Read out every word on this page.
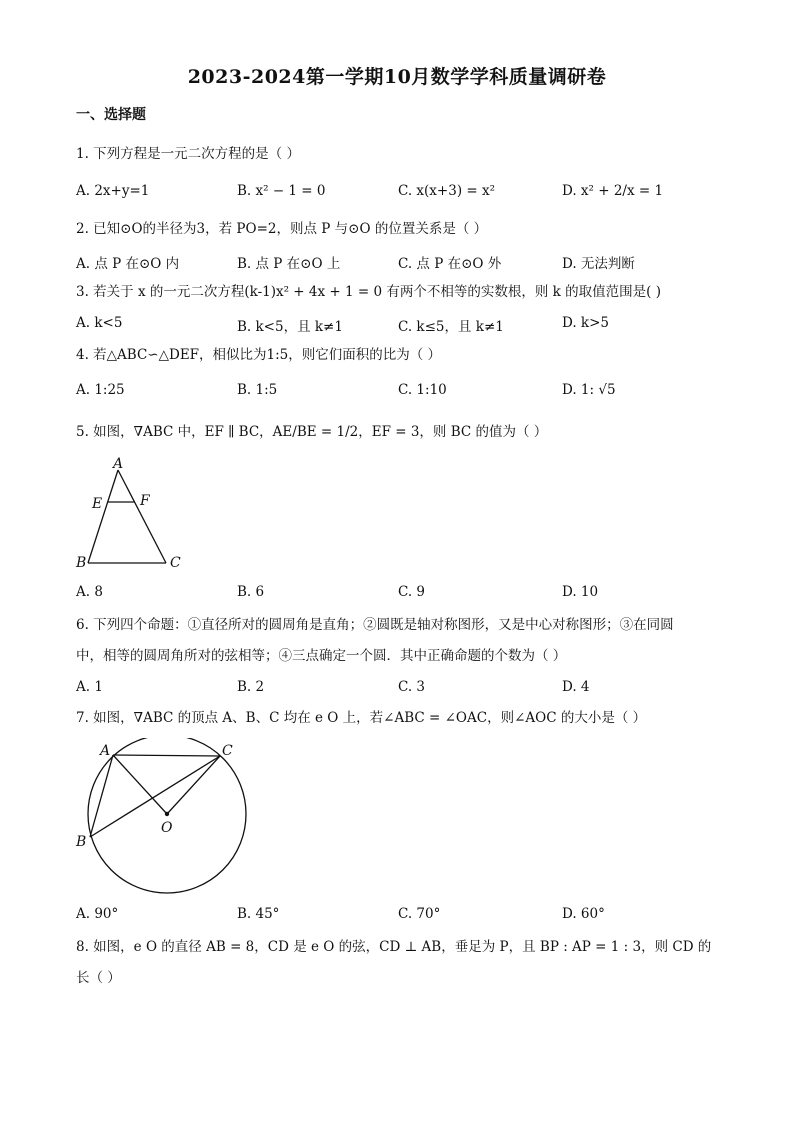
2023-2024第一学期10月数学学科质量调研卷
一、选择题
1. 下列方程是一元二次方程的是（ ）
A. 2x+y=1	B. x² − 1 = 0	C. x(x+3) = x²	D. x² + 2/x = 1
2. 已知⊙O的半径为3，若 PO=2，则点 P 与⊙O 的位置关系是（ ）
A. 点 P 在⊙O 内	B. 点 P 在⊙O 上	C. 点 P 在⊙O 外	D. 无法判断
3. 若关于 x 的一元二次方程(k-1)x² + 4x + 1 = 0 有两个不相等的实数根，则 k 的取值范围是( )
A. k<5	B. k<5，且 k≠1	C. k≤5，且 k≠1	D. k>5
4. 若△ABC∽△DEF，相似比为1:5，则它们面积的比为（ ）
A. 1:25	B. 1:5	C. 1:10	D. 1: √5
5. 如图，∇ABC 中，EF ∥ BC，AE/BE = 1/2，EF = 3，则 BC 的值为（ ）
A
E	F
B	C
A. 8	B. 6	C. 9	D. 10
6. 下列四个命题：①直径所对的圆周角是直角；②圆既是轴对称图形，又是中心对称图形；③在同圆
中，相等的圆周角所对的弦相等；④三点确定一个圆．其中正确命题的个数为（ ）
A. 1	B. 2	C. 3	D. 4
7. 如图，∇ABC 的顶点 A、B、C 均在 e O 上，若∠ABC = ∠OAC，则∠AOC 的大小是（ ）
A	C
B
O
A. 90°	B. 45°	C. 70°	D. 60°
8. 如图，e O 的直径 AB = 8，CD 是 e O 的弦，CD ⊥ AB，垂足为 P，且 BP : AP = 1 : 3，则 CD 的
长（ ）
